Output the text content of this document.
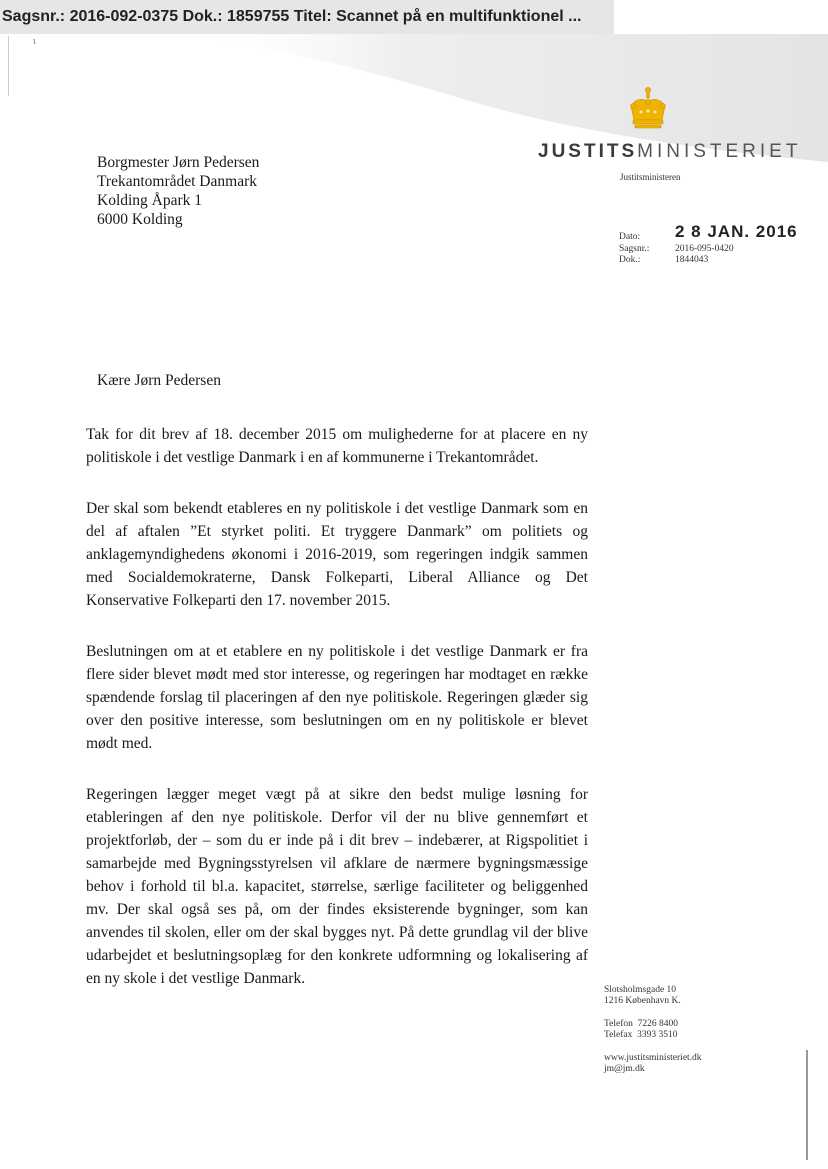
Sagsnr.: 2016-092-0375 Dok.: 1859755 Titel: Scannet på en multifunktionel ...
JUSTITSMINISTERIET
Justitsministeren
Borgmester Jørn Pedersen
Trekantområdet Danmark
Kolding Åpark 1
6000 Kolding
Dato:	2 8 JAN. 2016
Sagsnr.:	2016-095-0420
Dok.:	1844043
Kære Jørn Pedersen

Tak for dit brev af 18. december 2015 om mulighederne for at placere en ny politiskole i det vestlige Danmark i en af kommunerne i Trekantområdet.

Der skal som bekendt etableres en ny politiskole i det vestlige Danmark som en del af aftalen ”Et styrket politi. Et tryggere Danmark” om politiets og anklagemyndighedens økonomi i 2016-2019, som regeringen indgik sammen med Socialdemokraterne, Dansk Folkeparti, Liberal Alliance og Det Konservative Folkeparti den 17. november 2015.

Beslutningen om at et etablere en ny politiskole i det vestlige Danmark er fra flere sider blevet mødt med stor interesse, og regeringen har modtaget en række spændende forslag til placeringen af den nye politiskole. Regeringen glæder sig over den positive interesse, som beslutningen om en ny politiskole er blevet mødt med.

Regeringen lægger meget vægt på at sikre den bedst mulige løsning for etableringen af den nye politiskole. Derfor vil der nu blive gennemført et projektforløb, der – som du er inde på i dit brev – indebærer, at Rigspolitiet i samarbejde med Bygningsstyrelsen vil afklare de nærmere bygningsmæssige behov i forhold til bl.a. kapacitet, størrelse, særlige faciliteter og beliggenhed mv. Der skal også ses på, om der findes eksisterende bygninger, som kan anvendes til skolen, eller om der skal bygges nyt. På dette grundlag vil der blive udarbejdet et beslutningsoplæg for den konkrete udformning og lokalisering af en ny skole i det vestlige Danmark.

Slotsholmsgade 10
1216 København K.
Telefon 7226 8400
Telefax 3393 3510
www.justitsministeriet.dk
jm@jm.dk
ι
